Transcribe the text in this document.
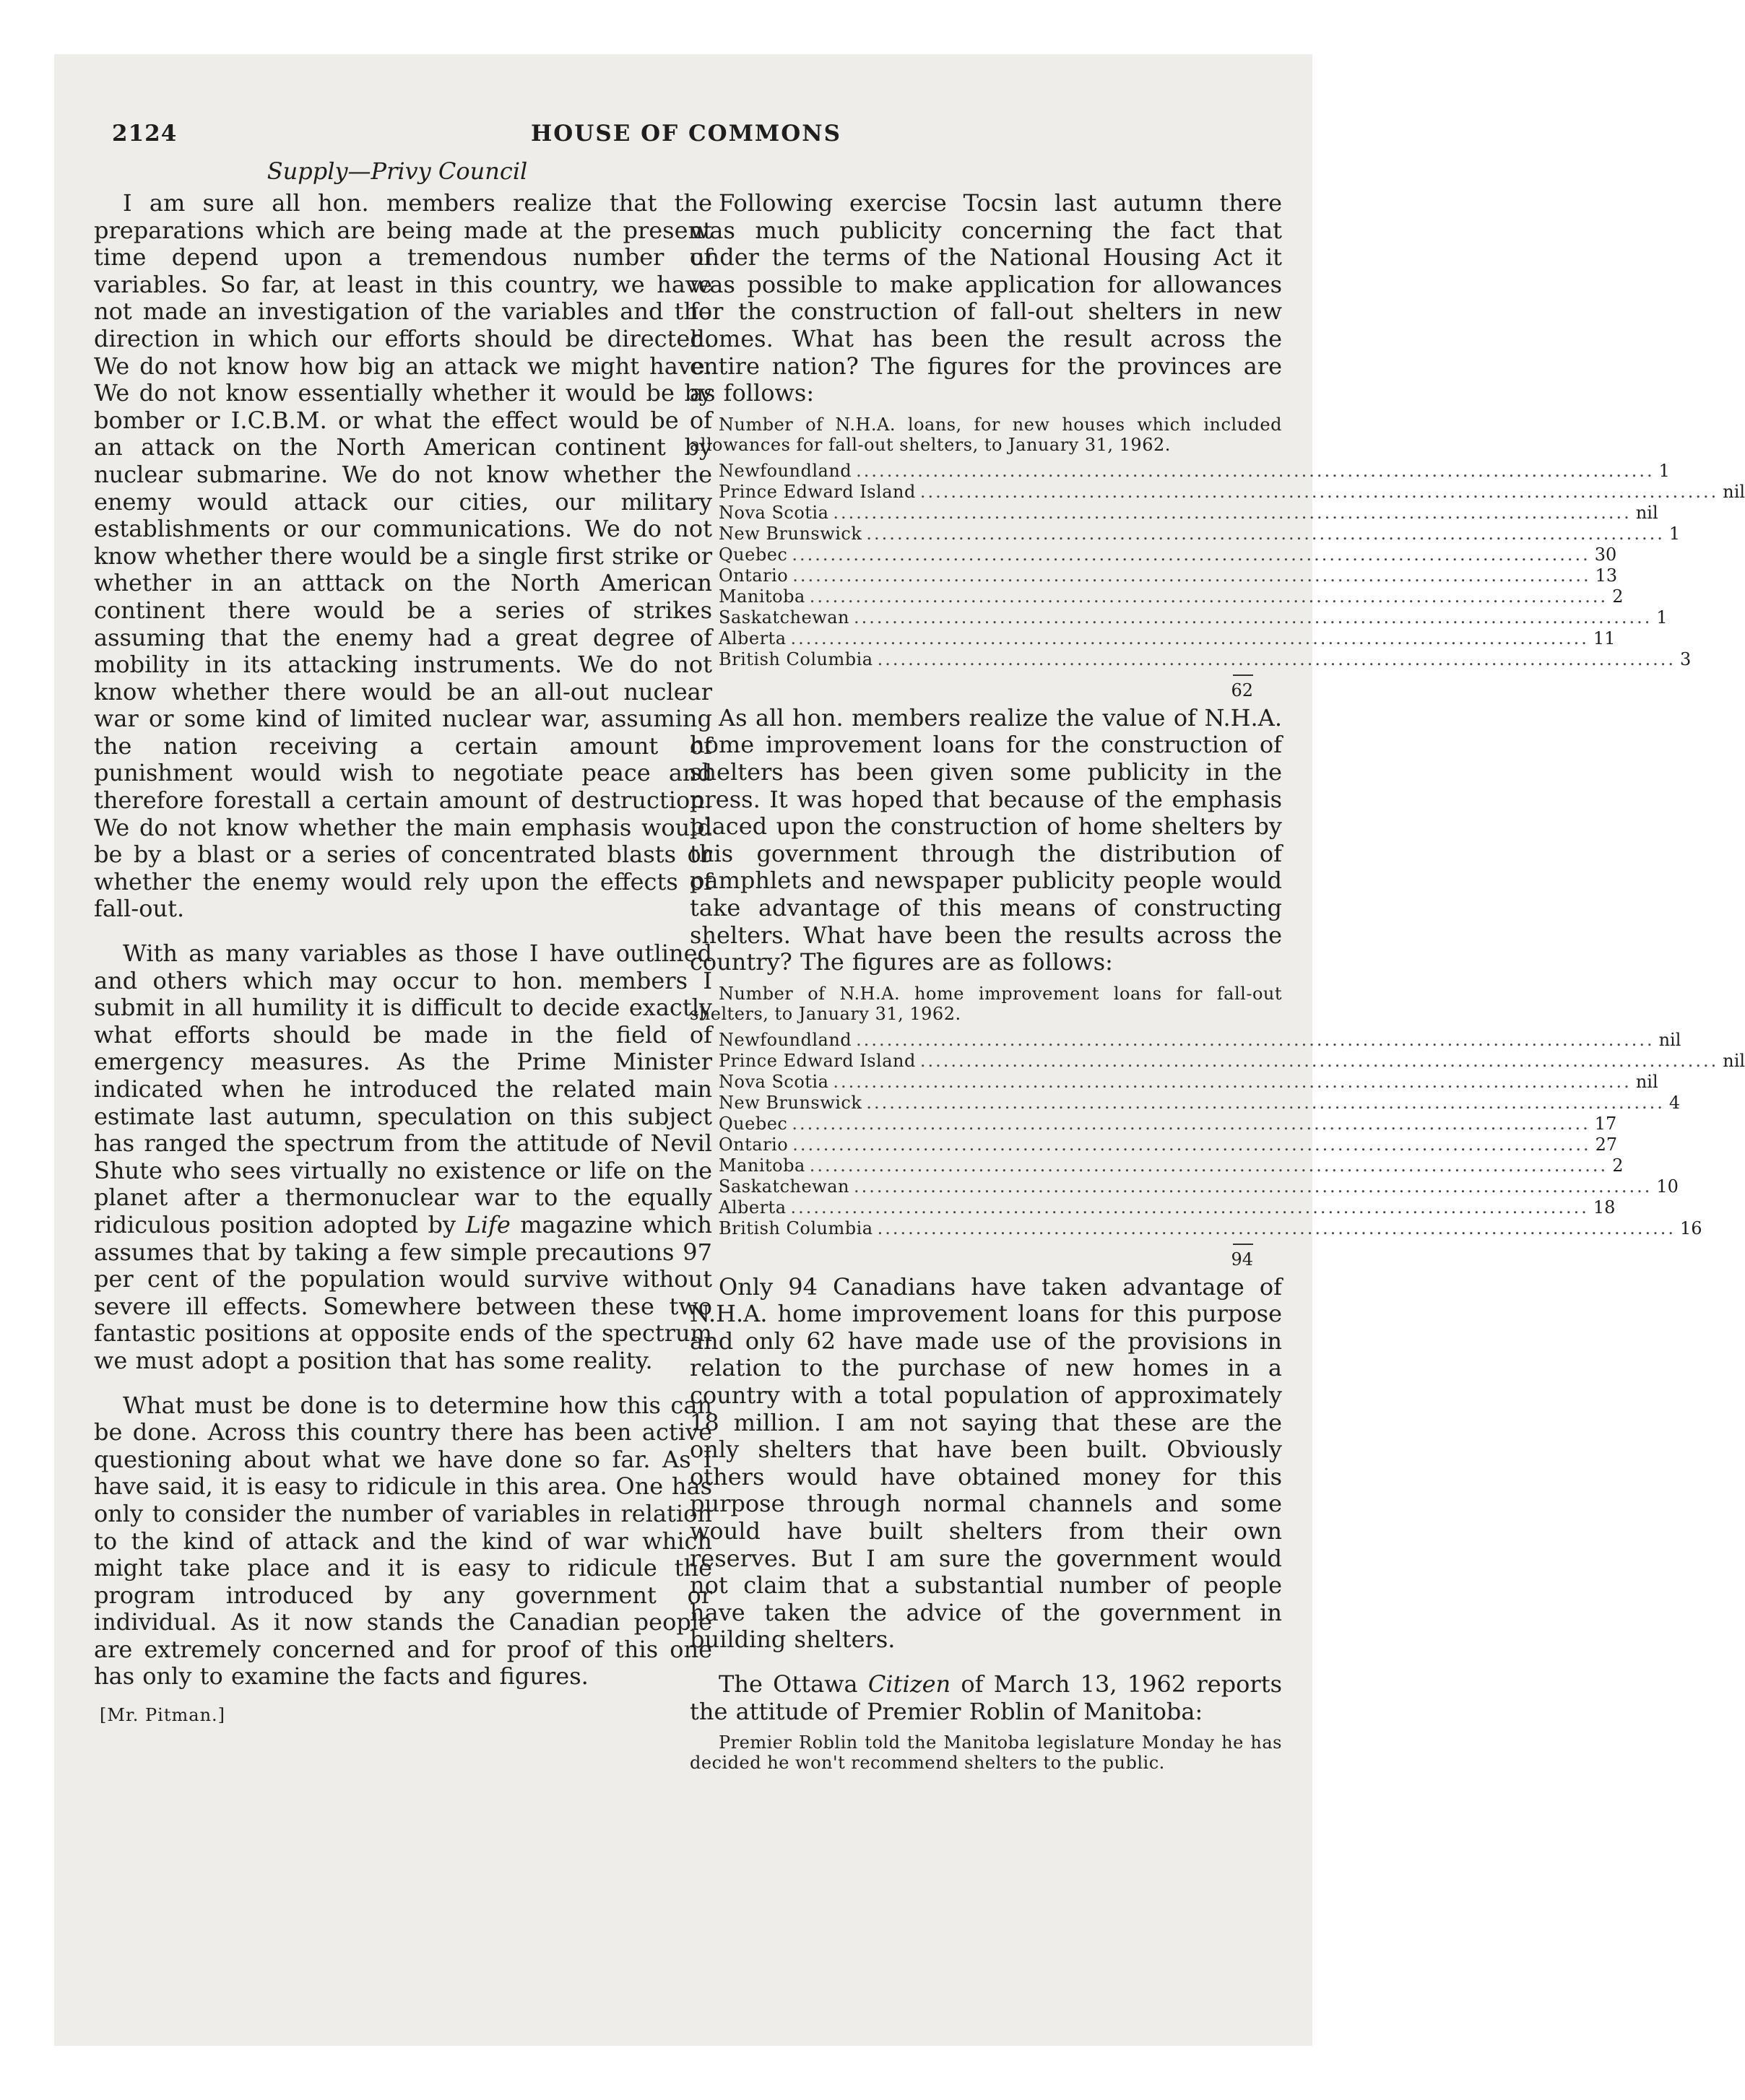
2124	HOUSE OF COMMONS
Supply—Privy Council

I am sure all hon. members realize that the preparations which are being made at the present time depend upon a tremendous number of variables. So far, at least in this country, we have not made an investigation of the variables and the direction in which our efforts should be directed. We do not know how big an attack we might have. We do not know essentially whether it would be by bomber or I.C.B.M. or what the effect would be of an attack on the North American continent by nuclear submarine. We do not know whether the enemy would attack our cities, our military establishments or our communications. We do not know whether there would be a single first strike or whether in an atttack on the North American continent there would be a series of strikes assuming that the enemy had a great degree of mobility in its attacking instruments. We do not know whether there would be an all-out nuclear war or some kind of limited nuclear war, assuming the nation receiving a certain amount of punishment would wish to negotiate peace and therefore forestall a certain amount of destruction. We do not know whether the main emphasis would be by a blast or a series of concentrated blasts or whether the enemy would rely upon the effects of fall-out.

With as many variables as those I have outlined and others which may occur to hon. members I submit in all humility it is difficult to decide exactly what efforts should be made in the field of emergency measures. As the Prime Minister indicated when he introduced the related main estimate last autumn, speculation on this subject has ranged the spectrum from the attitude of Nevil Shute who sees virtually no existence or life on the planet after a thermonuclear war to the equally ridiculous position adopted by Life magazine which assumes that by taking a few simple precautions 97 per cent of the population would survive without severe ill effects. Somewhere between these two fantastic positions at opposite ends of the spectrum we must adopt a position that has some reality.

What must be done is to determine how this can be done. Across this country there has been active questioning about what we have done so far. As I have said, it is easy to ridicule in this area. One has only to consider the number of variables in relation to the kind of attack and the kind of war which might take place and it is easy to ridicule the program introduced by any government or individual. As it now stands the Canadian people are extremely concerned and for proof of this one has only to examine the facts and figures.

[Mr. Pitman.]

Following exercise Tocsin last autumn there was much publicity concerning the fact that under the terms of the National Housing Act it was possible to make application for allowances for the construction of fall-out shelters in new homes. What has been the result across the entire nation? The figures for the provinces are as follows:

Number of N.H.A. loans, for new houses which included allowances for fall-out shelters, to January 31, 1962.

Newfoundland ........................................................................................................ 1
Prince Edward Island ........................................................................................................ nil
Nova Scotia ........................................................................................................ nil
New Brunswick ........................................................................................................ 1
Quebec ........................................................................................................ 30
Ontario ........................................................................................................ 13
Manitoba ........................................................................................................ 2
Saskatchewan ........................................................................................................ 1
Alberta ........................................................................................................ 11
British Columbia ........................................................................................................ 3
62

As all hon. members realize the value of N.H.A. home improvement loans for the construction of shelters has been given some publicity in the press. It was hoped that because of the emphasis placed upon the construction of home shelters by this government through the distribution of pamphlets and newspaper publicity people would take advantage of this means of constructing shelters. What have been the results across the country? The figures are as follows:

Number of N.H.A. home improvement loans for fall-out shelters, to January 31, 1962.

Newfoundland ........................................................................................................ nil
Prince Edward Island ........................................................................................................ nil
Nova Scotia ........................................................................................................ nil
New Brunswick ........................................................................................................ 4
Quebec ........................................................................................................ 17
Ontario ........................................................................................................ 27
Manitoba ........................................................................................................ 2
Saskatchewan ........................................................................................................ 10
Alberta ........................................................................................................ 18
British Columbia ........................................................................................................ 16
94

Only 94 Canadians have taken advantage of N.H.A. home improvement loans for this purpose and only 62 have made use of the provisions in relation to the purchase of new homes in a country with a total population of approximately 18 million. I am not saying that these are the only shelters that have been built. Obviously others would have obtained money for this purpose through normal channels and some would have built shelters from their own reserves. But I am sure the government would not claim that a substantial number of people have taken the advice of the government in building shelters.

The Ottawa Citizen of March 13, 1962 reports the attitude of Premier Roblin of Manitoba:

Premier Roblin told the Manitoba legislature Monday he has decided he won't recommend shelters to the public.
